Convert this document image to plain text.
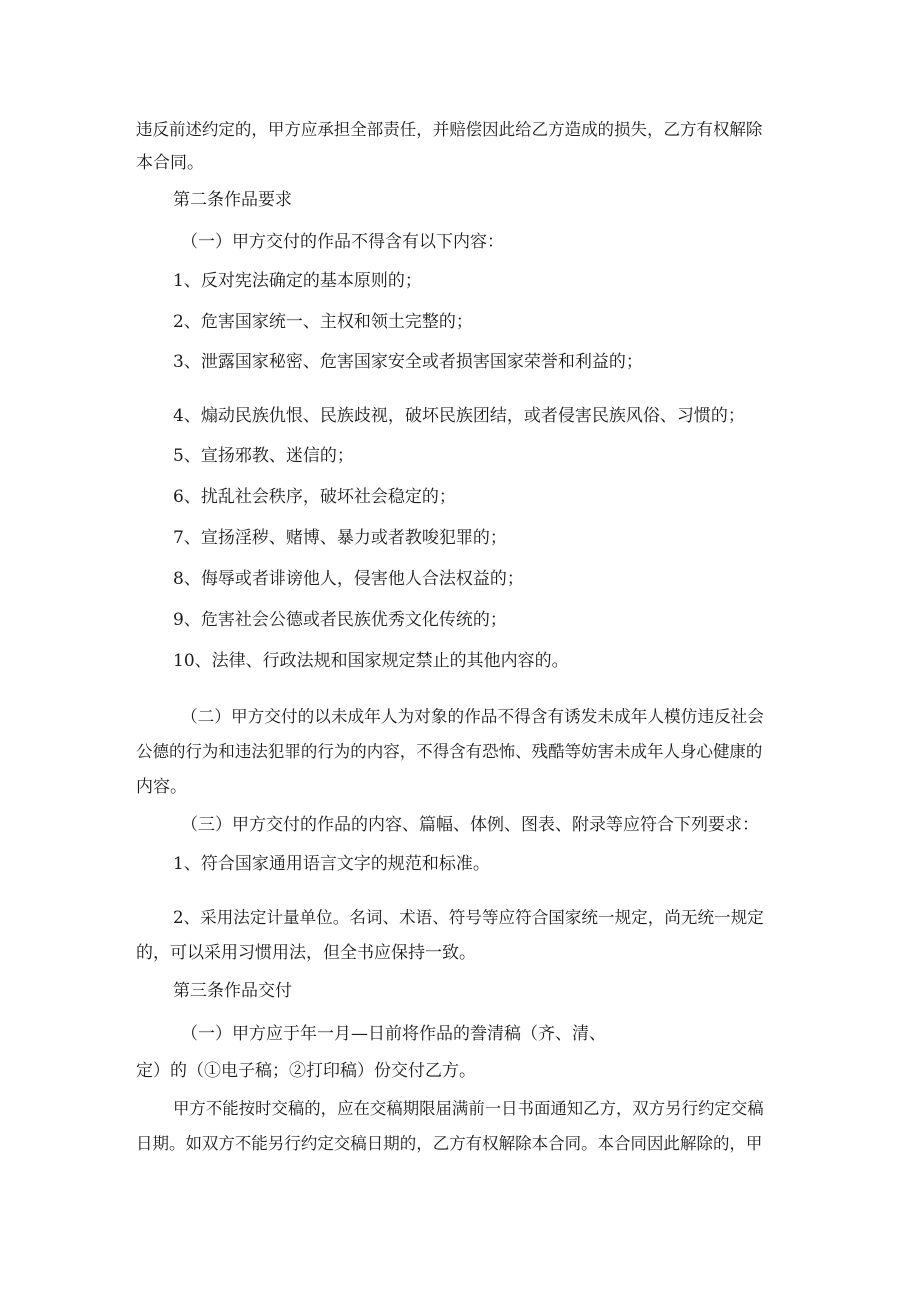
违反前述约定的，甲方应承担全部责任，并赔偿因此给乙方造成的损失，乙方有权解除
本合同。
第二条作品要求
（一）甲方交付的作品不得含有以下内容：
1、反对宪法确定的基本原则的；
2、危害国家统一、主权和领土完整的；
3、泄露国家秘密、危害国家安全或者损害国家荣誉和利益的；
4、煽动民族仇恨、民族歧视，破坏民族团结，或者侵害民族风俗、习惯的；
5、宣扬邪教、迷信的；
6、扰乱社会秩序，破坏社会稳定的；
7、宣扬淫秽、赌博、暴力或者教唆犯罪的；
8、侮辱或者诽谤他人，侵害他人合法权益的；
9、危害社会公德或者民族优秀文化传统的；
10、法律、行政法规和国家规定禁止的其他内容的。
（二）甲方交付的以未成年人为对象的作品不得含有诱发未成年人模仿违反社会
公德的行为和违法犯罪的行为的内容，不得含有恐怖、残酷等妨害未成年人身心健康的
内容。
（三）甲方交付的作品的内容、篇幅、体例、图表、附录等应符合下列要求：
1、符合国家通用语言文字的规范和标准。
2、采用法定计量单位。名词、术语、符号等应符合国家统一规定，尚无统一规定
的，可以采用习惯用法，但全书应保持一致。
第三条作品交付
（一）甲方应于年一月—日前将作品的誊清稿（齐、清、
定）的（①电子稿；②打印稿）份交付乙方。
甲方不能按时交稿的，应在交稿期限届满前一日书面通知乙方，双方另行约定交稿
日期。如双方不能另行约定交稿日期的，乙方有权解除本合同。本合同因此解除的，甲
